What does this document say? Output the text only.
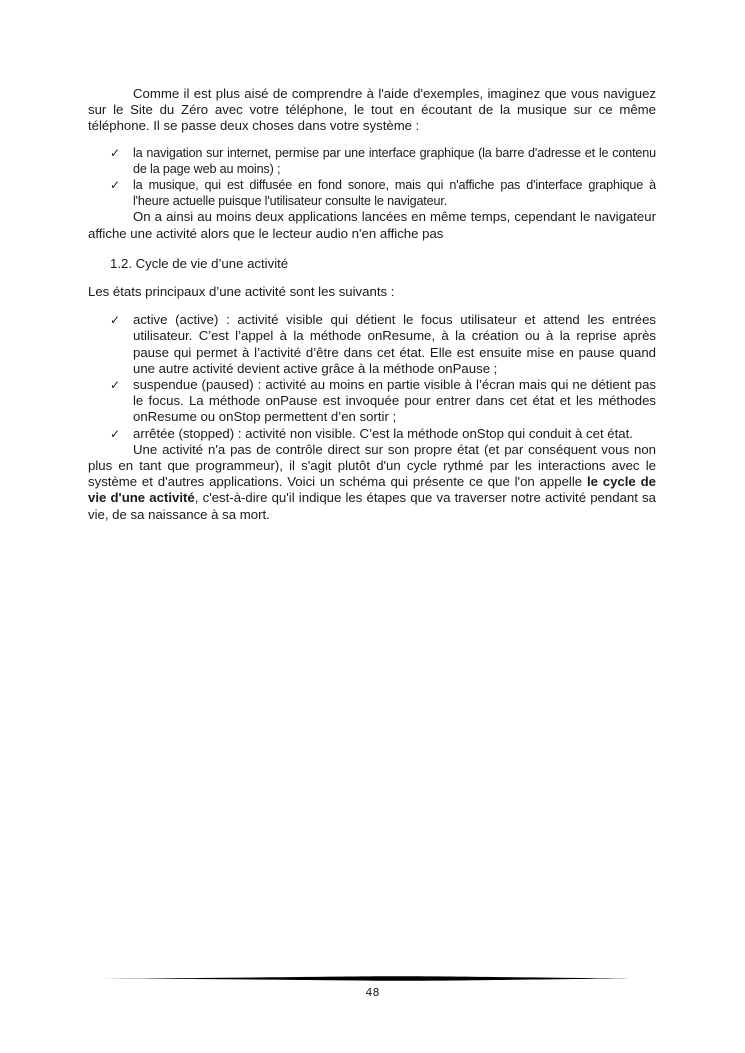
Comme il est plus aisé de comprendre à l'aide d'exemples, imaginez que vous naviguez sur le Site du Zéro avec votre téléphone, le tout en écoutant de la musique sur ce même téléphone. Il se passe deux choses dans votre système :

✓ la navigation sur internet, permise par une interface graphique (la barre d'adresse et le contenu de la page web au moins) ;
✓ la musique, qui est diffusée en fond sonore, mais qui n'affiche pas d'interface graphique à l'heure actuelle puisque l'utilisateur consulte le navigateur.

On a ainsi au moins deux applications lancées en même temps, cependant le navigateur affiche une activité alors que le lecteur audio n'en affiche pas

1.2. Cycle de vie d’une activité

Les états principaux d’une activité sont les suivants :

✓ active (active) : activité visible qui détient le focus utilisateur et attend les entrées utilisateur. C’est l’appel à la méthode onResume, à la création ou à la reprise après pause qui permet à l’activité d’être dans cet état. Elle est ensuite mise en pause quand une autre activité devient active grâce à la méthode onPause ;
✓ suspendue (paused) : activité au moins en partie visible à l’écran mais qui ne détient pas le focus. La méthode onPause est invoquée pour entrer dans cet état et les méthodes onResume ou onStop permettent d’en sortir ;
✓ arrêtée (stopped) : activité non visible. C’est la méthode onStop qui conduit à cet état.

Une activité n'a pas de contrôle direct sur son propre état (et par conséquent vous non plus en tant que programmeur), il s'agit plutôt d'un cycle rythmé par les interactions avec le système et d'autres applications. Voici un schéma qui présente ce que l'on appelle le cycle de vie d'une activité, c'est-à-dire qu'il indique les étapes que va traverser notre activité pendant sa vie, de sa naissance à sa mort.

48
